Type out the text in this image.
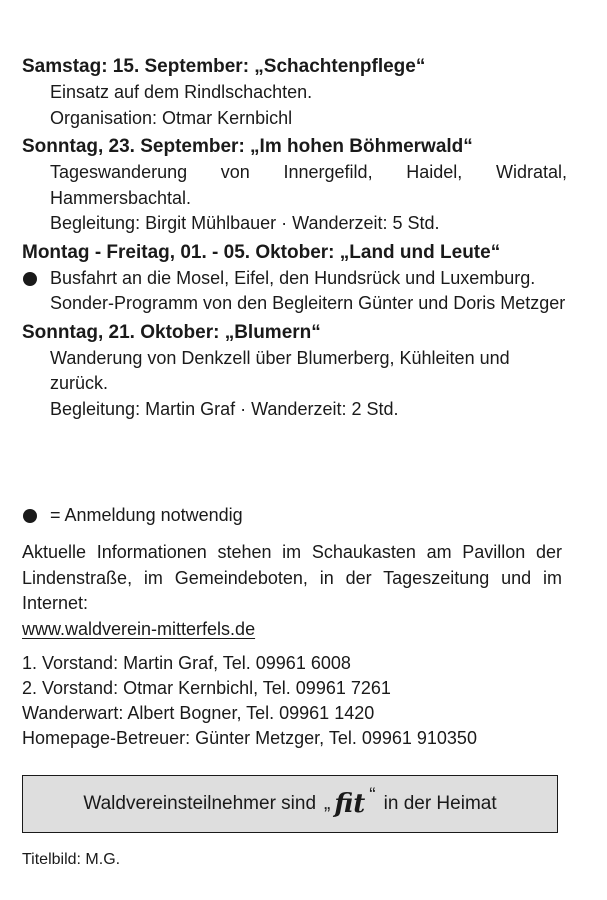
Samstag: 15. September: „Schachtenpflege“

Einsatz auf dem Rindlschachten.

Organisation: Otmar Kernbichl

Sonntag, 23. September: „Im hohen Böhmerwald“

Tageswanderung von Innergefild, Haidel, Widratal, Hammersbachtal.

Begleitung: Birgit Mühlbauer · Wanderzeit: 5 Std.

Montag - Freitag, 01. - 05. Oktober: „Land und Leute“

Busfahrt an die Mosel, Eifel, den Hundsrück und Luxemburg.

Sonder-Programm von den Begleitern Günter und Doris Metzger

Sonntag, 21. Oktober: „Blumern“

Wanderung von Denkzell über Blumerberg, Kühleiten und zurück.

Begleitung: Martin Graf · Wanderzeit: 2 Std.

= Anmeldung notwendig

Aktuelle Informationen stehen im Schaukasten am Pavillon der Lindenstraße, im Gemeindeboten, in der Tageszeitung und im Internet:

www.waldverein-mitterfels.de
1. Vorstand: Martin Graf, Tel. 09961 6008
2. Vorstand: Otmar Kernbichl, Tel. 09961 7261
Wanderwart: Albert Bogner, Tel. 09961 1420
Homepage-Betreuer: Günter Metzger, Tel. 09961 910350
Waldvereinsteilnehmer sind „ fit “ in der Heimat
Titelbild: M.G.
